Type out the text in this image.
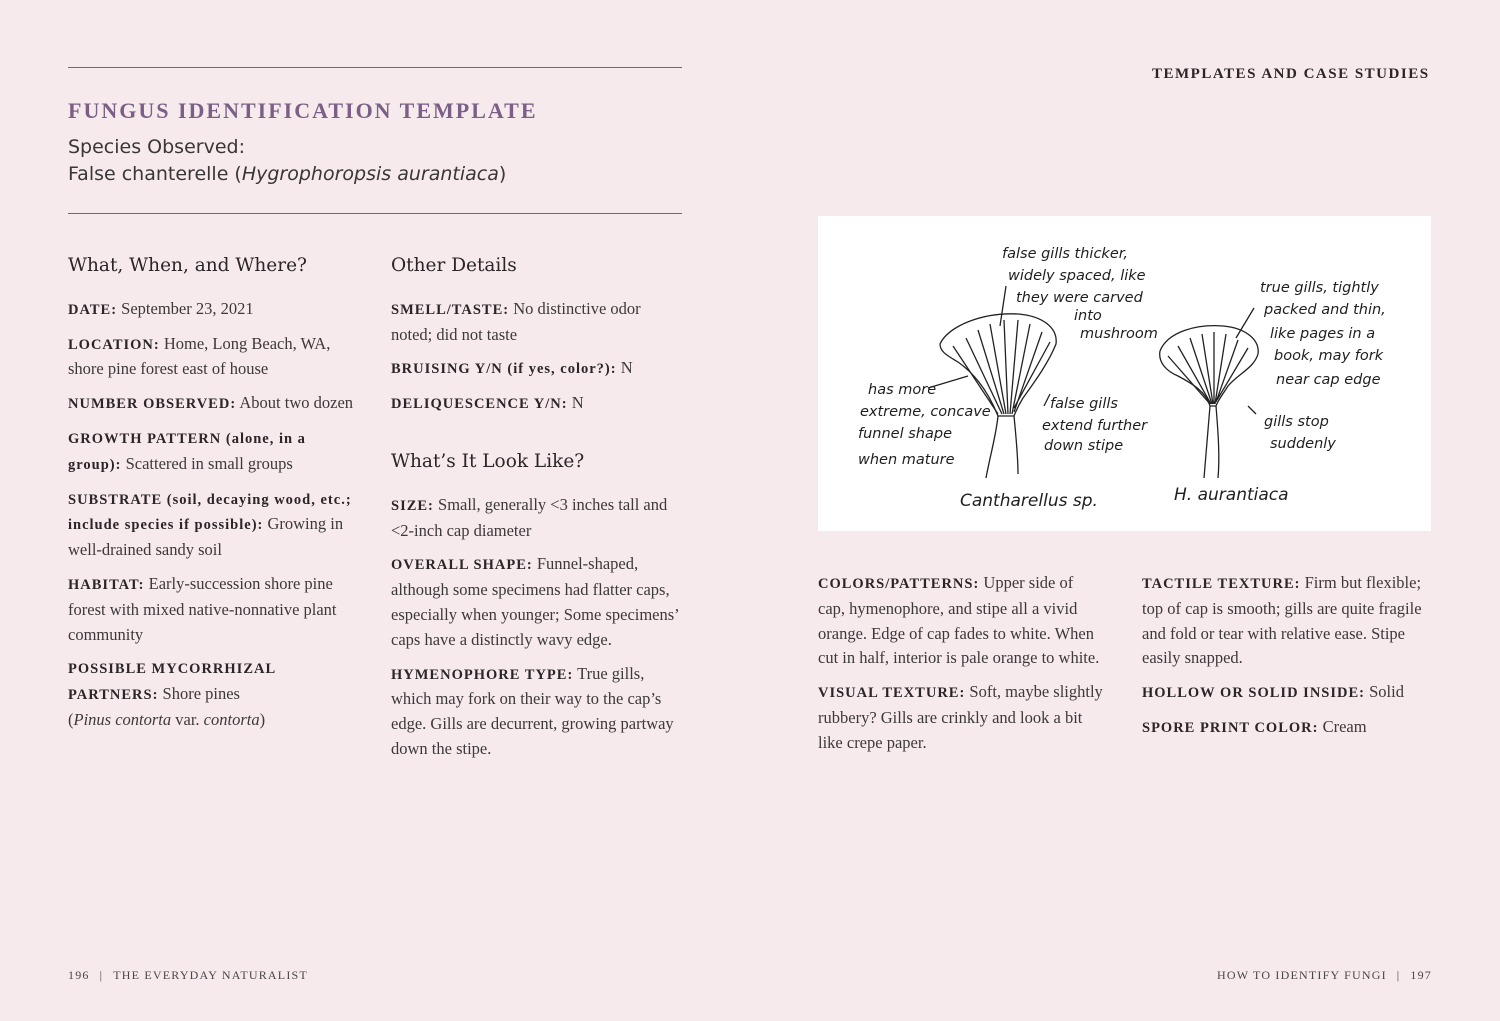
TEMPLATES AND CASE STUDIES
FUNGUS IDENTIFICATION TEMPLATE
Species Observed:
False chanterelle (Hygrophoropsis aurantiaca)
What, When, and Where?

DATE: September 23, 2021

LOCATION: Home, Long Beach, WA, shore pine forest east of house

NUMBER OBSERVED: About two dozen

GROWTH PATTERN (alone, in a group): Scattered in small groups

SUBSTRATE (soil, decaying wood, etc.; include species if possible): Growing in well-drained sandy soil

HABITAT: Early-succession shore pine forest with mixed native-nonnative plant community

POSSIBLE MYCORRHIZAL PARTNERS: Shore pines
(Pinus contorta var. contorta)

Other Details

SMELL/TASTE: No distinctive odor noted; did not taste

BRUISING Y/N (if yes, color?): N

DELIQUESCENCE Y/N: N

What’s It Look Like?

SIZE: Small, generally <3 inches tall and <2-inch cap diameter

OVERALL SHAPE: Funnel-shaped, although some specimens had flatter caps, especially when younger; Some specimens’ caps have a distinctly wavy edge.

HYMENOPHORE TYPE: True gills, which may fork on their way to the cap’s edge. Gills are decurrent, growing partway down the stipe.

false gills thicker,
widely spaced, like
they were carved
into
mushroom
has more
extreme, concave
funnel shape
when mature
false gills
extend further
down stipe
true gills, tightly
packed and thin,
like pages in a
book, may fork
near cap edge
gills stop
suddenly
Cantharellus sp.	H. aurantiaca

COLORS/PATTERNS: Upper side of cap, hymenophore, and stipe all a vivid orange. Edge of cap fades to white. When cut in half, interior is pale orange to white.

VISUAL TEXTURE: Soft, maybe slightly rubbery? Gills are crinkly and look a bit like crepe paper.

TACTILE TEXTURE: Firm but flexible; top of cap is smooth; gills are quite fragile and fold or tear with relative ease. Stipe easily snapped.

HOLLOW OR SOLID INSIDE: Solid

SPORE PRINT COLOR: Cream

196 | THE EVERYDAY NATURALIST	HOW TO IDENTIFY FUNGI | 197
